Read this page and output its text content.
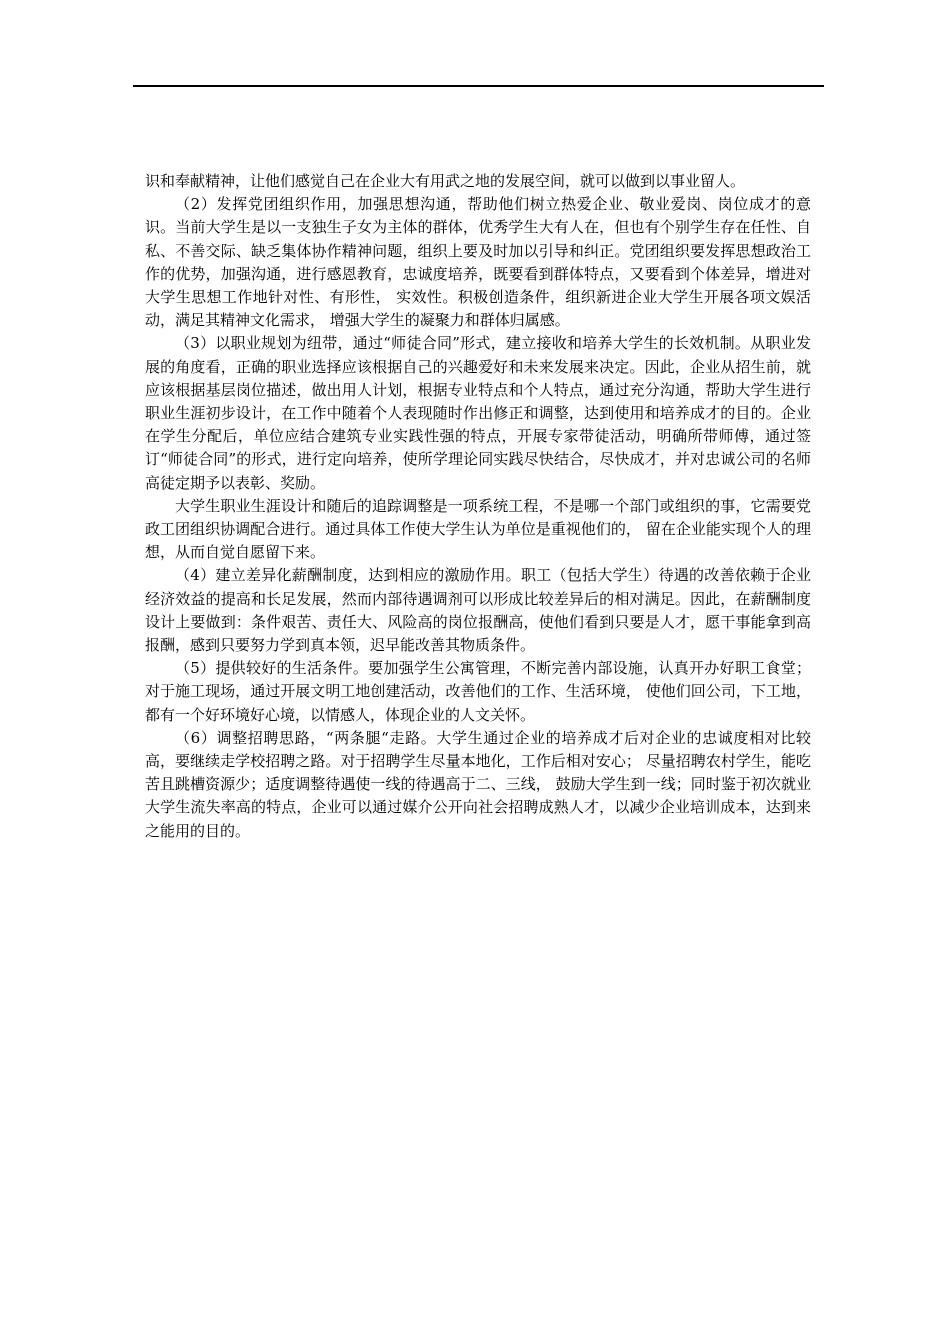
识和奉献精神，让他们感觉自己在企业大有用武之地的发展空间，就可以做到以事业留人。

（2）发挥党团组织作用，加强思想沟通，帮助他们树立热爱企业、敬业爱岗、岗位成才的意识。当前大学生是以一支独生子女为主体的群体，优秀学生大有人在，但也有个别学生存在任性、自私、不善交际、缺乏集体协作精神问题，组织上要及时加以引导和纠正。党团组织要发挥思想政治工作的优势，加强沟通，进行感恩教育，忠诚度培养，既要看到群体特点，又要看到个体差异，增进对大学生思想工作地针对性、有形性， 实效性。积极创造条件，组织新进企业大学生开展各项文娱活动，满足其精神文化需求， 增强大学生的凝聚力和群体归属感。

（3）以职业规划为纽带，通过“师徒合同”形式，建立接收和培养大学生的长效机制。从职业发展的角度看，正确的职业选择应该根据自己的兴趣爱好和未来发展来决定。因此，企业从招生前，就应该根据基层岗位描述，做出用人计划，根据专业特点和个人特点，通过充分沟通，帮助大学生进行职业生涯初步设计，在工作中随着个人表现随时作出修正和调整，达到使用和培养成才的目的。企业在学生分配后，单位应结合建筑专业实践性强的特点，开展专家带徒活动，明确所带师傅，通过签订“师徒合同”的形式，进行定向培养，使所学理论同实践尽快结合，尽快成才，并对忠诚公司的名师高徒定期予以表彰、奖励。

大学生职业生涯设计和随后的追踪调整是一项系统工程，不是哪一个部门或组织的事，它需要党政工团组织协调配合进行。通过具体工作使大学生认为单位是重视他们的， 留在企业能实现个人的理想，从而自觉自愿留下来。

（4）建立差异化薪酬制度，达到相应的激励作用。职工（包括大学生）待遇的改善依赖于企业经济效益的提高和长足发展，然而内部待遇调剂可以形成比较差异后的相对满足。因此，在薪酬制度设计上要做到：条件艰苦、责任大、风险高的岗位报酬高，使他们看到只要是人才，愿干事能拿到高报酬，感到只要努力学到真本领，迟早能改善其物质条件。

（5）提供较好的生活条件。要加强学生公寓管理，不断完善内部设施，认真开办好职工食堂；对于施工现场，通过开展文明工地创建活动，改善他们的工作、生活环境， 使他们回公司，下工地，都有一个好环境好心境，以情感人，体现企业的人文关怀。

（6）调整招聘思路，“两条腿“走路。大学生通过企业的培养成才后对企业的忠诚度相对比较高，要继续走学校招聘之路。对于招聘学生尽量本地化，工作后相对安心； 尽量招聘农村学生，能吃苦且跳槽资源少；适度调整待遇使一线的待遇高于二、三线， 鼓励大学生到一线；同时鉴于初次就业大学生流失率高的特点，企业可以通过媒介公开向社会招聘成熟人才，以减少企业培训成本，达到来之能用的目的。
